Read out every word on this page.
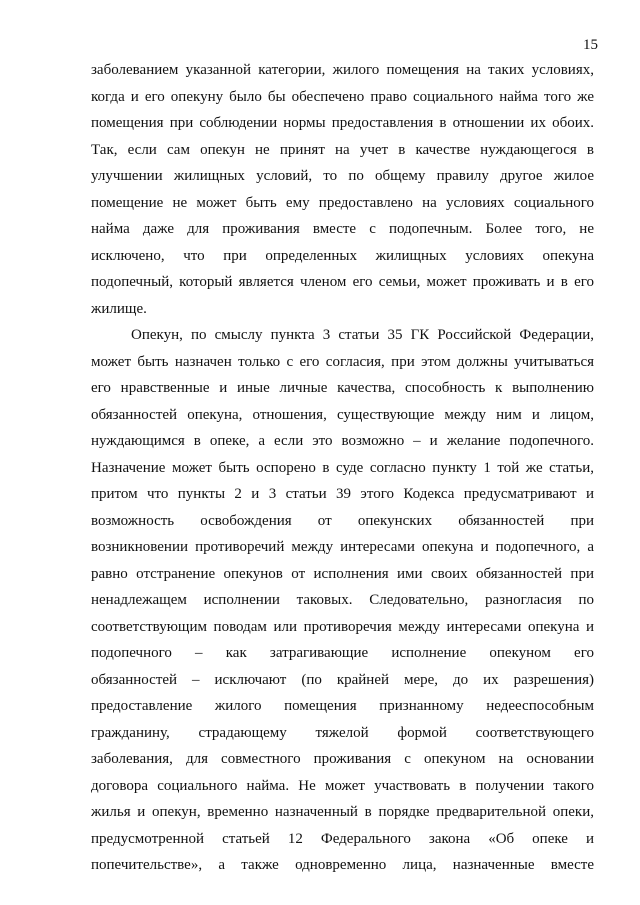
15
заболеванием указанной категории, жилого помещения на таких условиях,
когда и его опекуну было бы обеспечено право социального найма того же
помещения при соблюдении нормы предоставления в отношении их обоих.
Так, если сам опекун не принят на учет в качестве нуждающегося в
улучшении жилищных условий, то по общему правилу другое жилое
помещение не может быть ему предоставлено на условиях социального
найма даже для проживания вместе с подопечным. Более того, не
исключено, что при определенных жилищных условиях опекуна
подопечный, который является членом его семьи, может проживать и в его
жилище.
Опекун, по смыслу пункта 3 статьи 35 ГК Российской Федерации,
может быть назначен только с его согласия, при этом должны учитываться
его нравственные и иные личные качества, способность к выполнению
обязанностей опекуна, отношения, существующие между ним и лицом,
нуждающимся в опеке, а если это возможно – и желание подопечного.
Назначение может быть оспорено в суде согласно пункту 1 той же статьи,
притом что пункты 2 и 3 статьи 39 этого Кодекса предусматривают и
возможность освобождения от опекунских обязанностей при
возникновении противоречий между интересами опекуна и подопечного, а
равно отстранение опекунов от исполнения ими своих обязанностей при
ненадлежащем исполнении таковых. Следовательно, разногласия по
соответствующим поводам или противоречия между интересами опекуна и
подопечного – как затрагивающие исполнение опекуном его
обязанностей – исключают (по крайней мере, до их разрешения)
предоставление жилого помещения признанному недееспособным
гражданину, страдающему тяжелой формой соответствующего
заболевания, для совместного проживания с опекуном на основании
договора социального найма. Не может участвовать в получении такого
жилья и опекун, временно назначенный в порядке предварительной опеки,
предусмотренной статьей 12 Федерального закона «Об опеке и
попечительстве», а также одновременно лица, назначенные вместе
